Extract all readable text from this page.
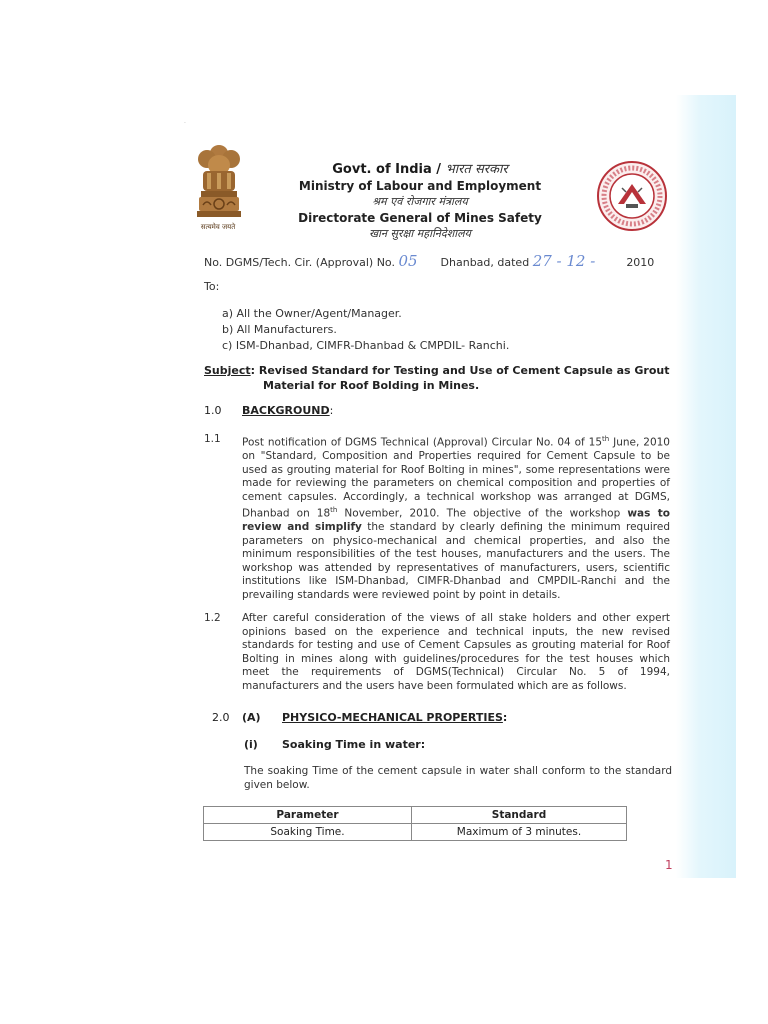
·
सत्यमेव जयते
Govt. of India / भारत सरकार
Ministry of Labour and Employment
श्रम एवं रोजगार मंत्रालय
Directorate General of Mines Safety
खान सुरक्षा महानिदेशालय
No. DGMS/Tech. Cir. (Approval) No. 05 Dhanbad, dated 27 - 12 -	2010
To:
a) All the Owner/Agent/Manager.
b) All Manufacturers.
c) ISM-Dhanbad, CIMFR-Dhanbad & CMPDIL- Ranchi.
Subject: Revised Standard for Testing and Use of Cement Capsule as Grout
Material for Roof Bolding in Mines.
1.0 BACKGROUND:
1.1 Post notification of DGMS Technical (Approval) Circular No. 04 of 15th June, 2010 on "Standard, Composition and Properties required for Cement Capsule to be used as grouting material for Roof Bolting in mines", some representations were made for reviewing the parameters on chemical composition and properties of cement capsules. Accordingly, a technical workshop was arranged at DGMS, Dhanbad on 18th November, 2010. The objective of the workshop was to review and simplify the standard by clearly defining the minimum required parameters on physico-mechanical and chemical properties, and also the minimum responsibilities of the test houses, manufacturers and the users. The workshop was attended by representatives of manufacturers, users, scientific institutions like ISM-Dhanbad, CIMFR-Dhanbad and CMPDIL-Ranchi and the prevailing standards were reviewed point by point in details.
1.2 After careful consideration of the views of all stake holders and other expert opinions based on the experience and technical inputs, the new revised standards for testing and use of Cement Capsules as grouting material for Roof Bolting in mines along with guidelines/procedures for the test houses which meet the requirements of DGMS(Technical) Circular No. 5 of 1994, manufacturers and the users have been formulated which are as follows.
2.0 (A) PHYSICO-MECHANICAL PROPERTIES:
(i) Soaking Time in water:
The soaking Time of the cement capsule in water shall conform to the standard given below.
Parameter	Standard
Soaking Time.	Maximum of 3 minutes.
1
